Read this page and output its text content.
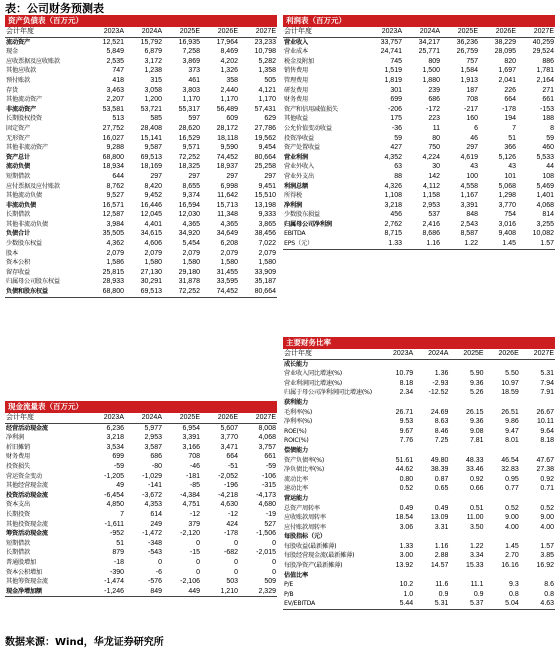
表：公司财务预测表
资产负债表（百万元）
会计年度	2023A	2024A	2025E	2026E	2027E
流动资产	12,521	15,792	16,935	17,964	23,233
现金	5,849	6,879	7,258	8,469	10,798
应收票据及应收账款	2,535	3,172	3,869	4,202	5,282
其他应收款	747	1,238	373	1,326	1,358
预付账款	418	315	461	358	505
存货	3,463	3,058	3,803	2,440	4,121
其他流动资产	2,207	1,200	1,170	1,170	1,170
非流动资产	53,581	53,721	55,317	56,489	57,431
长期股权投资	513	585	597	609	629
固定资产	27,752	28,408	28,620	28,172	27,786
无形资产	16,027	15,141	16,529	18,118	19,562
其他非流动资产	9,288	9,587	9,571	9,590	9,454
资产总计	68,800	69,513	72,252	74,452	80,664
流动负债	18,934	18,169	18,325	18,937	25,258
短期借款	644	297	297	297	297
应付票据及应付账款	8,762	8,420	8,655	6,998	9,451
其他流动负债	9,527	9,452	9,374	11,642	15,510
非流动负债	16,571	16,446	16,594	15,713	13,198
长期借款	12,587	12,045	12,030	11,348	9,333
其他非流动负债	3,984	4,401	4,365	4,365	3,865
负债合计	35,505	34,615	34,920	34,649	38,456
少数股东权益	4,362	4,606	5,454	6,208	7,022
股本	2,079	2,079	2,079	2,079	2,079
资本公积	1,586	1,580	1,580	1,580	1,580
留存收益	25,815	27,130	29,180	31,455	33,909
归属母公司股东权益	28,933	30,291	31,878	33,595	35,187
负债和股东权益	68,800	69,513	72,252	74,452	80,664
利润表（百万元）
会计年度	2023A	2024A	2025E	2026E	2027E
营业收入	33,757	34,217	36,236	38,229	40,259
营业成本	24,741	25,771	26,759	28,095	29,524
税金及附加	745	809	757	820	886
销售费用	1,519	1,500	1,584	1,697	1,781
管理费用	1,819	1,880	1,913	2,041	2,164
研发费用	301	239	187	226	271
财务费用	699	686	708	664	661
资产和信用减值损失	-206	-172	-217	-178	-153
其他收益	175	223	160	194	188
公允价值变动收益	-36	11	6	7	8
投资净收益	59	80	46	51	59
资产处置收益	427	750	297	366	460
营业利润	4,352	4,224	4,619	5,126	5,533
营业外收入	63	30	43	43	44
营业外支出	88	142	100	101	108
利润总额	4,326	4,112	4,558	5,068	5,469
所得税	1,108	1,158	1,167	1,298	1,401
净利润	3,218	2,953	3,391	3,770	4,068
少数股东损益	456	537	848	754	814
归属母公司净利润	2,762	2,416	2,543	3,016	3,255
EBITDA	8,715	8,686	8,587	9,408	10,082
EPS（元）	1.33	1.16	1.22	1.45	1.57
现金流量表（百万元）
会计年度	2023A	2024A	2025E	2026E	2027E
经营活动现金流	6,236	5,977	6,954	5,607	8,008
净利润	3,218	2,953	3,391	3,770	4,068
折旧摊销	3,534	3,587	3,166	3,471	3,757
财务费用	699	686	708	664	661
投资损失	-59	-80	-46	-51	-59
营运资金变动	-1,205	-1,029	-181	-2,052	-106
其他经营现金流	49	-141	-85	-196	-315
投资活动现金流	-6,454	-3,672	-4,384	-4,218	-4,173
资本支出	4,850	4,353	4,751	4,630	4,680
长期投资	7	614	-12	-12	-19
其他投资现金流	-1,611	249	379	424	527
筹资活动现金流	-952	-1,472	-2,120	-178	-1,506
短期借款	51	-348	0	0	0
长期借款	879	-543	-15	-682	-2,015
普通股增加	-18	0	0	0	0
资本公积增加	-390	-6	0	0	0
其他筹资现金流	-1,474	-576	-2,106	503	509
现金净增加额	-1,246	849	449	1,210	2,329
主要财务比率
会计年度	2023A	2024A	2025E	2026E	2027E
成长能力					
营业收入同比增速(%)	10.79	1.36	5.90	5.50	5.31
营业利润同比增速(%)	8.18	-2.93	9.36	10.97	7.94
归属于母公司净利润同比增速(%)	2.34	-12.52	5.26	18.59	7.91
获利能力					
毛利率(%)	26.71	24.69	26.15	26.51	26.67
净利率(%)	9.53	8.63	9.36	9.86	10.11
ROE(%)	9.67	8.46	9.08	9.47	9.64
ROIC(%)	7.76	7.25	7.81	8.01	8.18
偿债能力					
资产负债率(%)	51.61	49.80	48.33	46.54	47.67
净负债比率(%)	44.62	38.39	33.46	32.83	27.38
流动比率	0.80	0.87	0.92	0.95	0.92
速动比率	0.52	0.65	0.66	0.77	0.71
营运能力					
总资产周转率	0.49	0.49	0.51	0.52	0.52
应收账款周转率	18.54	13.09	11.00	9.00	9.00
应付账款周转率	3.06	3.31	3.50	4.00	4.00
每股指标（元）					
每股收益(最新摊薄)	1.33	1.16	1.22	1.45	1.57
每股经营现金流(最新摊薄)	3.00	2.88	3.34	2.70	3.85
每股净资产(最新摊薄)	13.92	14.57	15.33	16.16	16.92
估值比率					
P/E	10.2	11.6	11.1	9.3	8.6
P/B	1.0	0.9	0.9	0.8	0.8
EV/EBITDA	5.44	5.31	5.37	5.04	4.63
数据来源：Wind，华龙证券研究所
